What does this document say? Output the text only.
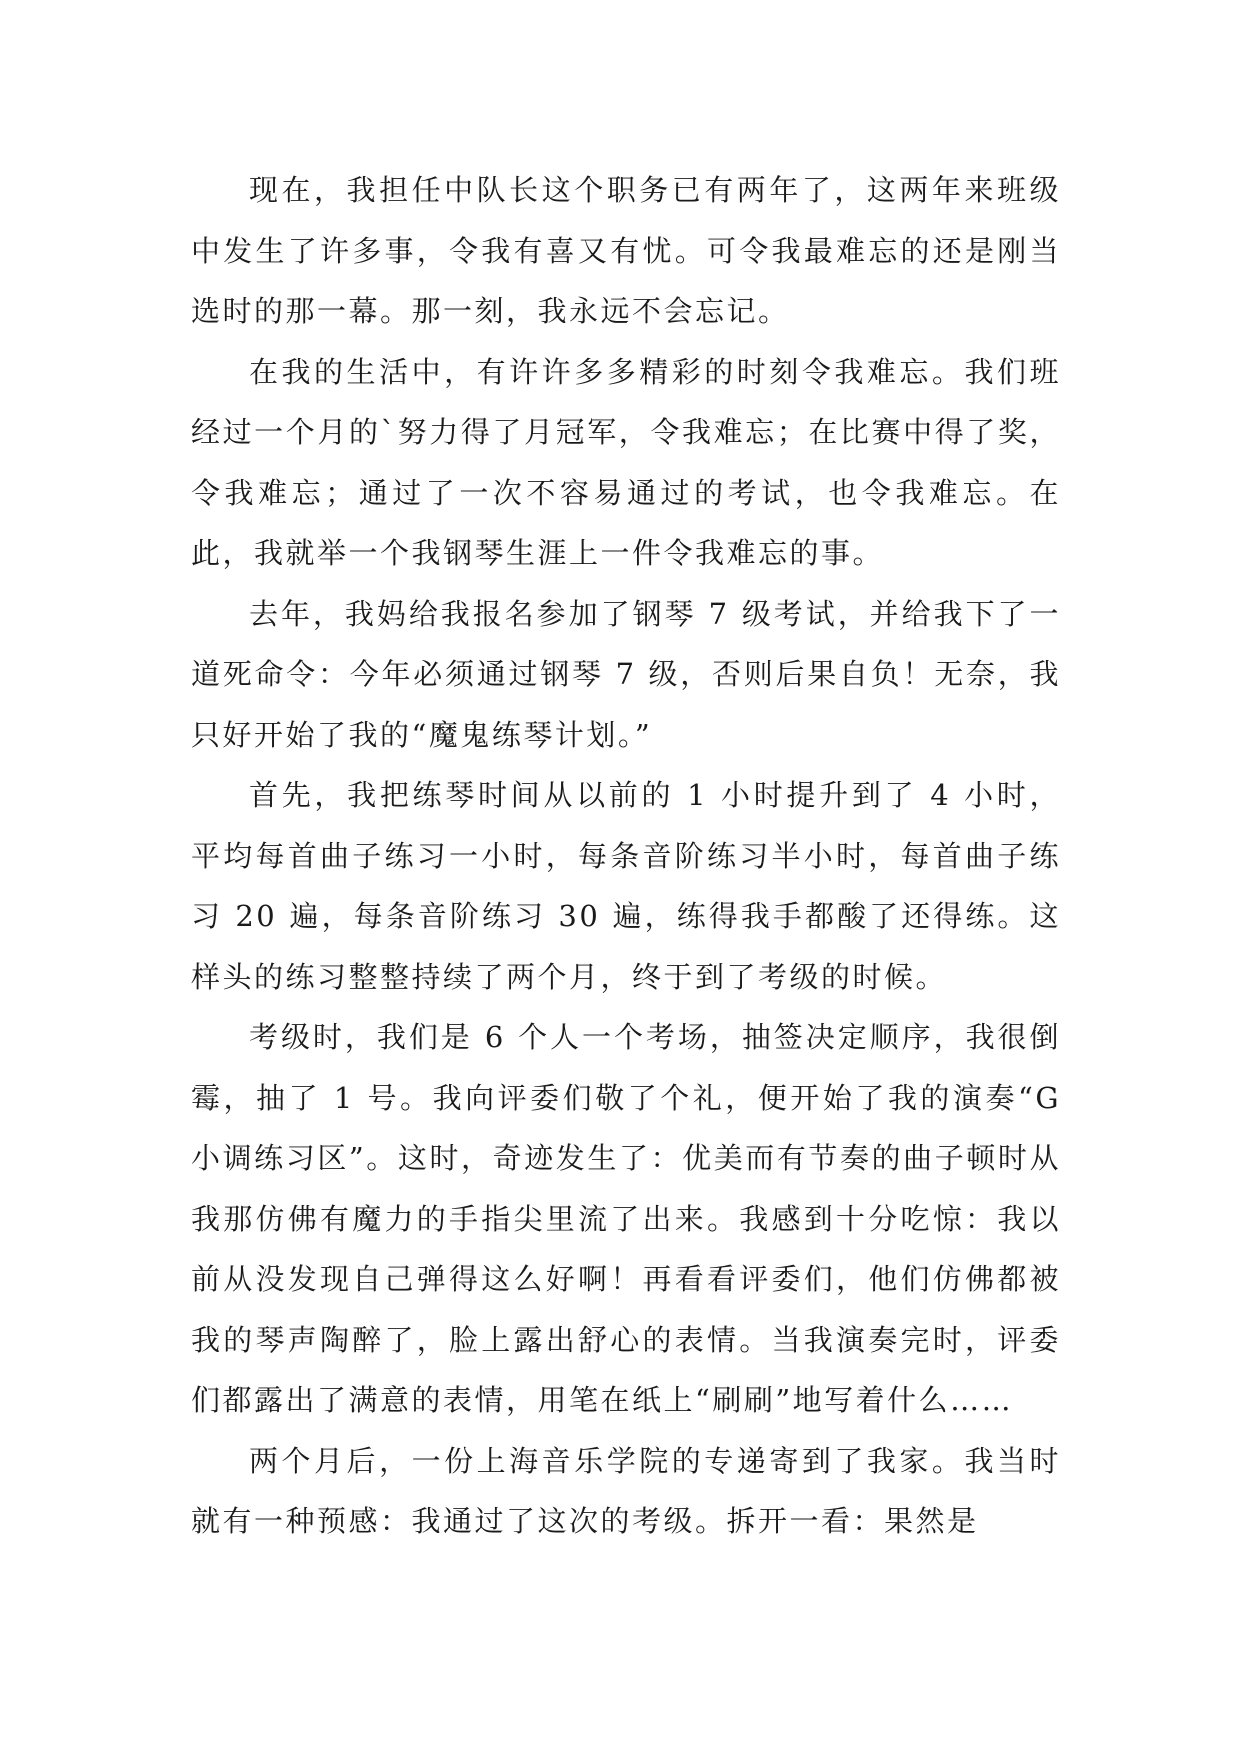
现在，我担任中队长这个职务已有两年了，这两年来班级中发生了许多事，令我有喜又有忧。可令我最难忘的还是刚当选时的那一幕。那一刻，我永远不会忘记。

在我的生活中，有许许多多精彩的时刻令我难忘。我们班经过一个月的`努力得了月冠军，令我难忘；在比赛中得了奖，令我难忘；通过了一次不容易通过的考试，也令我难忘。在此，我就举一个我钢琴生涯上一件令我难忘的事。

去年，我妈给我报名参加了钢琴 7 级考试，并给我下了一道死命令：今年必须通过钢琴 7 级，否则后果自负！无奈，我只好开始了我的“魔鬼练琴计划。”

首先，我把练琴时间从以前的 1 小时提升到了 4 小时，平均每首曲子练习一小时，每条音阶练习半小时，每首曲子练习 20 遍，每条音阶练习 30 遍，练得我手都酸了还得练。这样头的练习整整持续了两个月，终于到了考级的时候。

考级时，我们是 6 个人一个考场，抽签决定顺序，我很倒霉，抽了 1 号。我向评委们敬了个礼，便开始了我的演奏“G 小调练习区”。这时，奇迹发生了：优美而有节奏的曲子顿时从我那仿佛有魔力的手指尖里流了出来。我感到十分吃惊：我以前从没发现自己弹得这么好啊！再看看评委们，他们仿佛都被我的琴声陶醉了，脸上露出舒心的表情。当我演奏完时，评委们都露出了满意的表情，用笔在纸上“刷刷”地写着什么……

两个月后，一份上海音乐学院的专递寄到了我家。我当时就有一种预感：我通过了这次的考级。拆开一看：果然是
